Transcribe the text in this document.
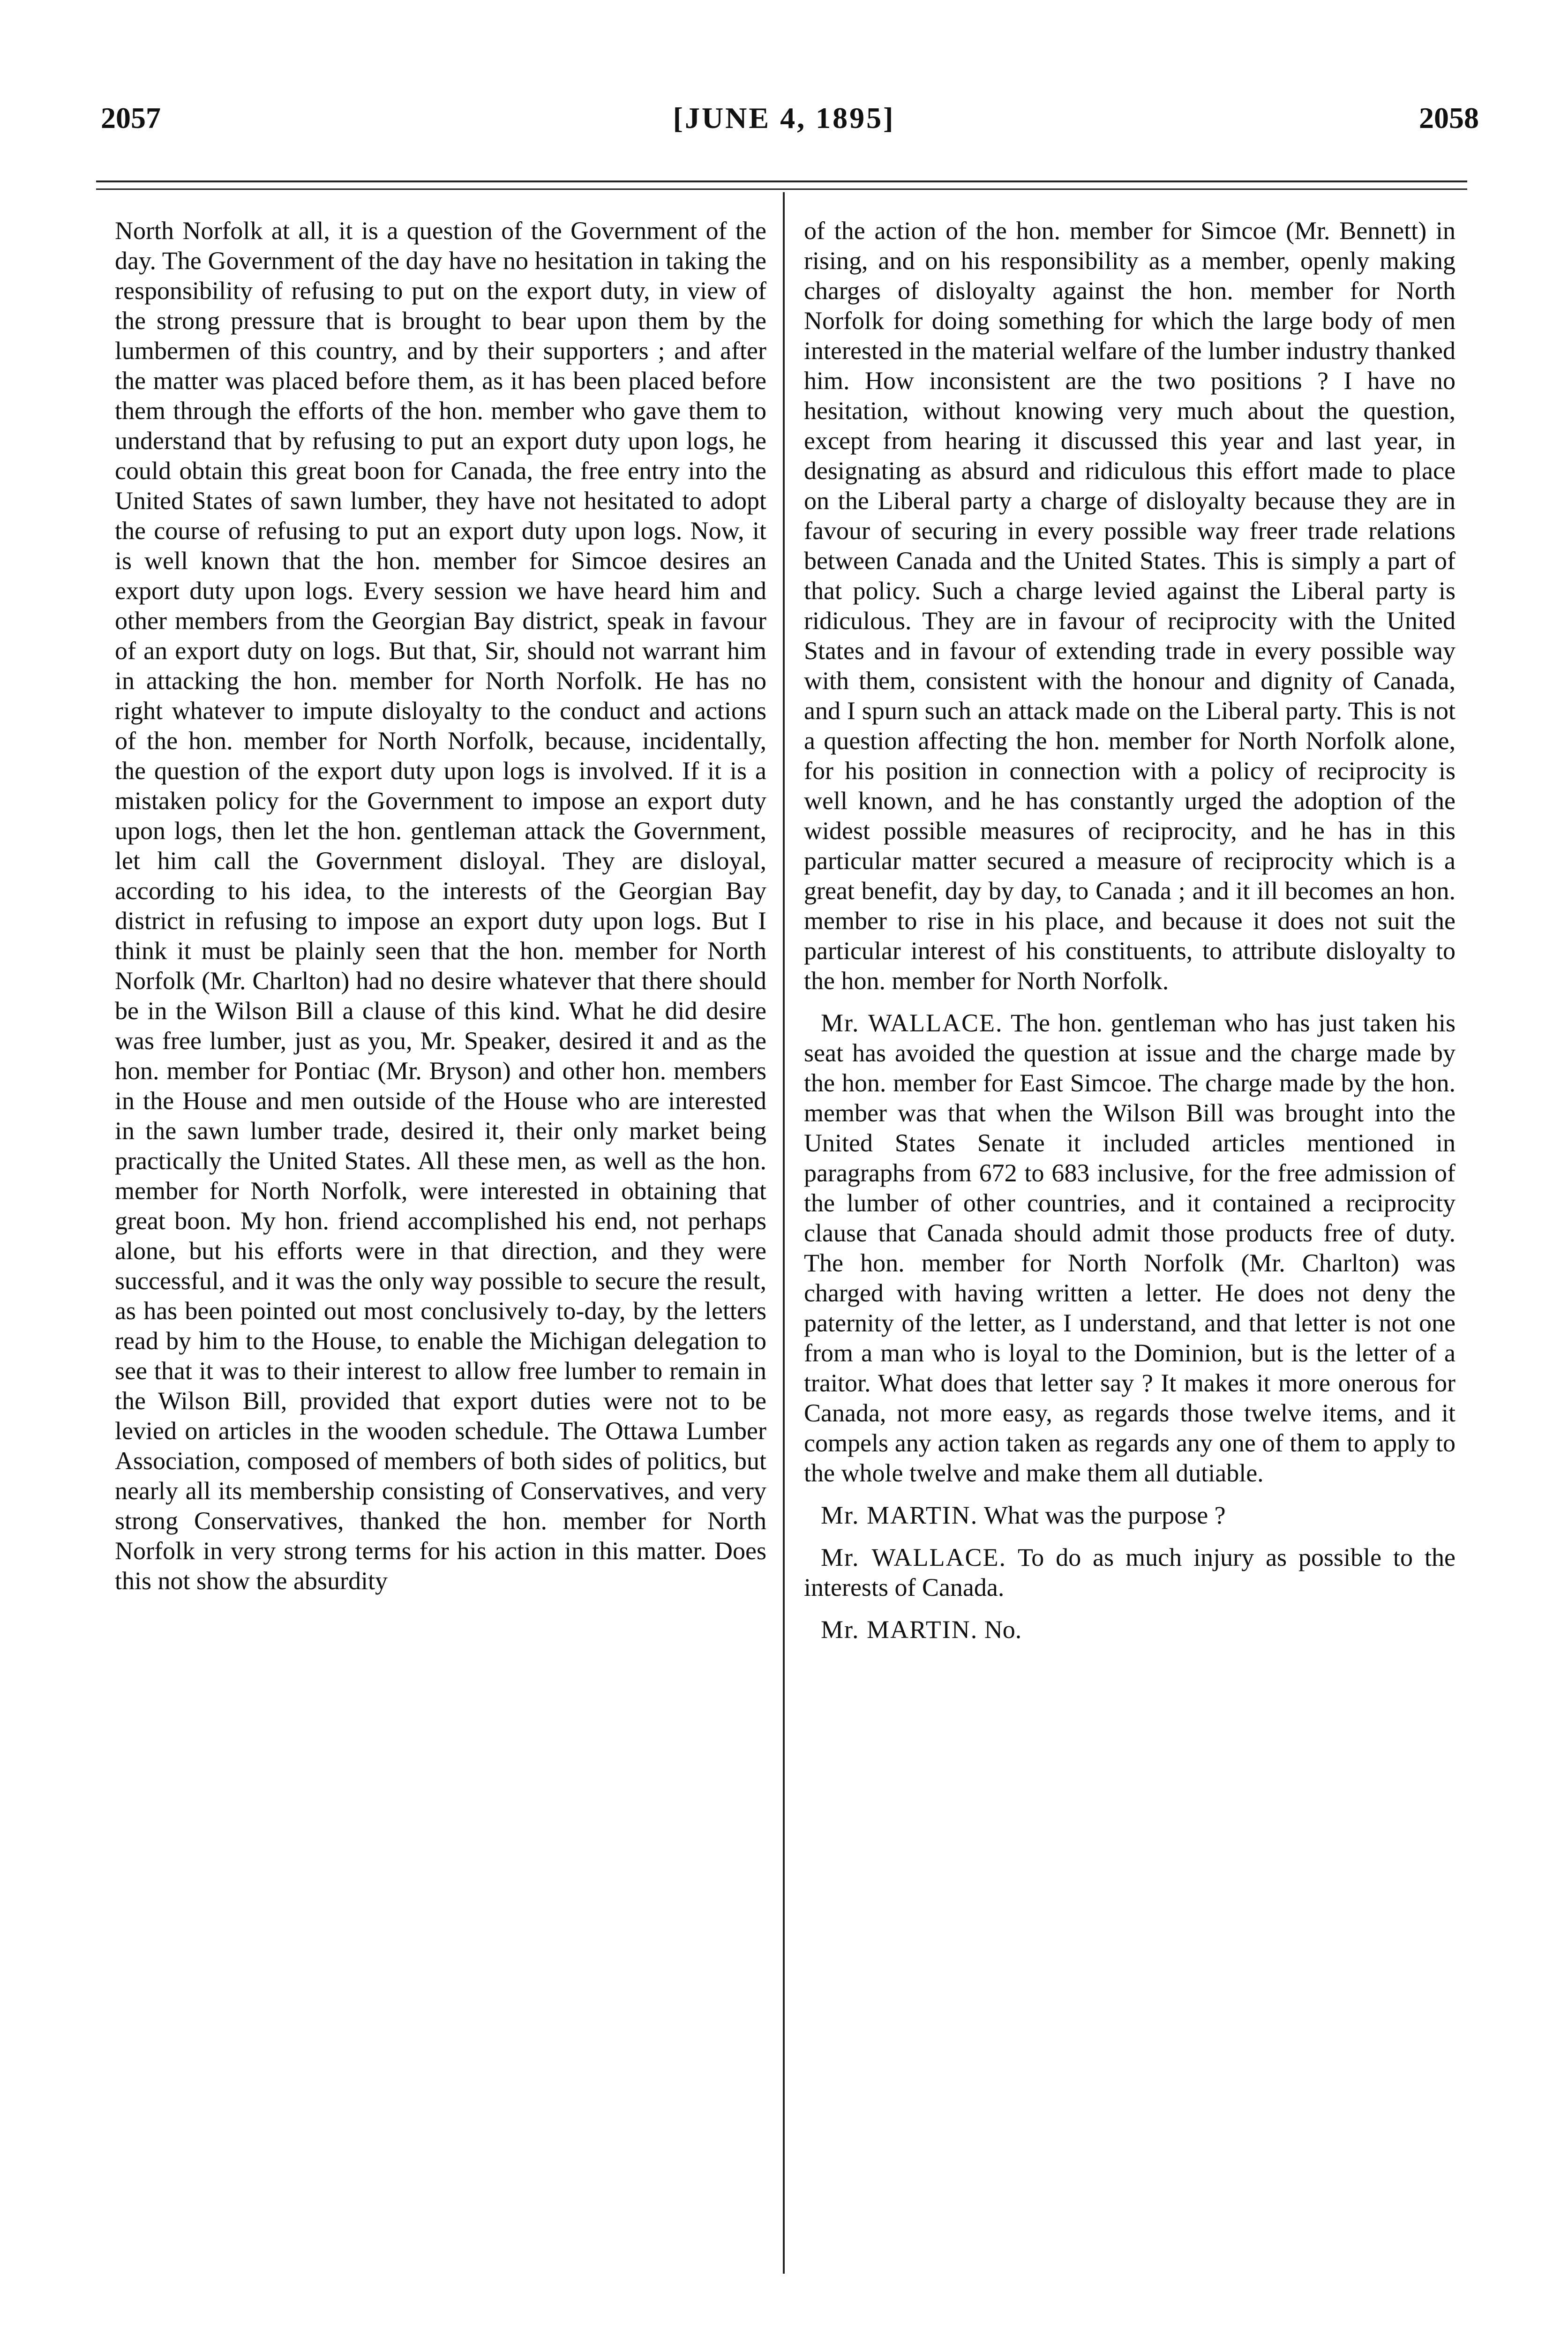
2057	[JUNE 4, 1895]	2058

North Norfolk at all, it is a question of the Government of the day. The Government of the day have no hesitation in taking the responsibility of refusing to put on the export duty, in view of the strong pressure that is brought to bear upon them by the lumbermen of this country, and by their supporters ; and after the matter was placed before them, as it has been placed before them through the efforts of the hon. member who gave them to understand that by refusing to put an export duty upon logs, he could obtain this great boon for Canada, the free entry into the United States of sawn lumber, they have not hesitated to adopt the course of refusing to put an export duty upon logs. Now, it is well known that the hon. member for Simcoe desires an export duty upon logs. Every session we have heard him and other members from the Georgian Bay district, speak in favour of an export duty on logs. But that, Sir, should not warrant him in attacking the hon. member for North Norfolk. He has no right whatever to impute disloyalty to the conduct and actions of the hon. member for North Norfolk, because, incidentally, the question of the export duty upon logs is involved. If it is a mistaken policy for the Government to impose an export duty upon logs, then let the hon. gentleman attack the Government, let him call the Government disloyal. They are disloyal, according to his idea, to the interests of the Georgian Bay district in refusing to impose an export duty upon logs. But I think it must be plainly seen that the hon. member for North Norfolk (Mr. Charlton) had no desire whatever that there should be in the Wilson Bill a clause of this kind. What he did desire was free lumber, just as you, Mr. Speaker, desired it and as the hon. member for Pontiac (Mr. Bryson) and other hon. members in the House and men outside of the House who are interested in the sawn lumber trade, desired it, their only market being practically the United States. All these men, as well as the hon. member for North Norfolk, were interested in obtaining that great boon. My hon. friend accomplished his end, not perhaps alone, but his efforts were in that direction, and they were successful, and it was the only way possible to secure the result, as has been pointed out most conclusively to-day, by the letters read by him to the House, to enable the Michigan delegation to see that it was to their interest to allow free lumber to remain in the Wilson Bill, provided that export duties were not to be levied on articles in the wooden schedule. The Ottawa Lumber Association, composed of members of both sides of politics, but nearly all its membership consisting of Conservatives, and very strong Conservatives, thanked the hon. member for North Norfolk in very strong terms for his action in this matter. Does this not show the absurdity

of the action of the hon. member for Simcoe (Mr. Bennett) in rising, and on his responsibility as a member, openly making charges of disloyalty against the hon. member for North Norfolk for doing something for which the large body of men interested in the material welfare of the lumber industry thanked him. How inconsistent are the two positions ? I have no hesitation, without knowing very much about the question, except from hearing it discussed this year and last year, in designating as absurd and ridiculous this effort made to place on the Liberal party a charge of disloyalty because they are in favour of securing in every possible way freer trade relations between Canada and the United States. This is simply a part of that policy. Such a charge levied against the Liberal party is ridiculous. They are in favour of reciprocity with the United States and in favour of extending trade in every possible way with them, consistent with the honour and dignity of Canada, and I spurn such an attack made on the Liberal party. This is not a question affecting the hon. member for North Norfolk alone, for his position in connection with a policy of reciprocity is well known, and he has constantly urged the adoption of the widest possible measures of reciprocity, and he has in this particular matter secured a measure of reciprocity which is a great benefit, day by day, to Canada ; and it ill becomes an hon. member to rise in his place, and because it does not suit the particular interest of his constituents, to attribute disloyalty to the hon. member for North Norfolk.

Mr. WALLACE. The hon. gentleman who has just taken his seat has avoided the question at issue and the charge made by the hon. member for East Simcoe. The charge made by the hon. member was that when the Wilson Bill was brought into the United States Senate it included articles mentioned in paragraphs from 672 to 683 inclusive, for the free admission of the lumber of other countries, and it contained a reciprocity clause that Canada should admit those products free of duty. The hon. member for North Norfolk (Mr. Charlton) was charged with having written a letter. He does not deny the paternity of the letter, as I understand, and that letter is not one from a man who is loyal to the Dominion, but is the letter of a traitor. What does that letter say ? It makes it more onerous for Canada, not more easy, as regards those twelve items, and it compels any action taken as regards any one of them to apply to the whole twelve and make them all dutiable.

Mr. MARTIN. What was the purpose ?

Mr. WALLACE. To do as much injury as possible to the interests of Canada.

Mr. MARTIN. No.
